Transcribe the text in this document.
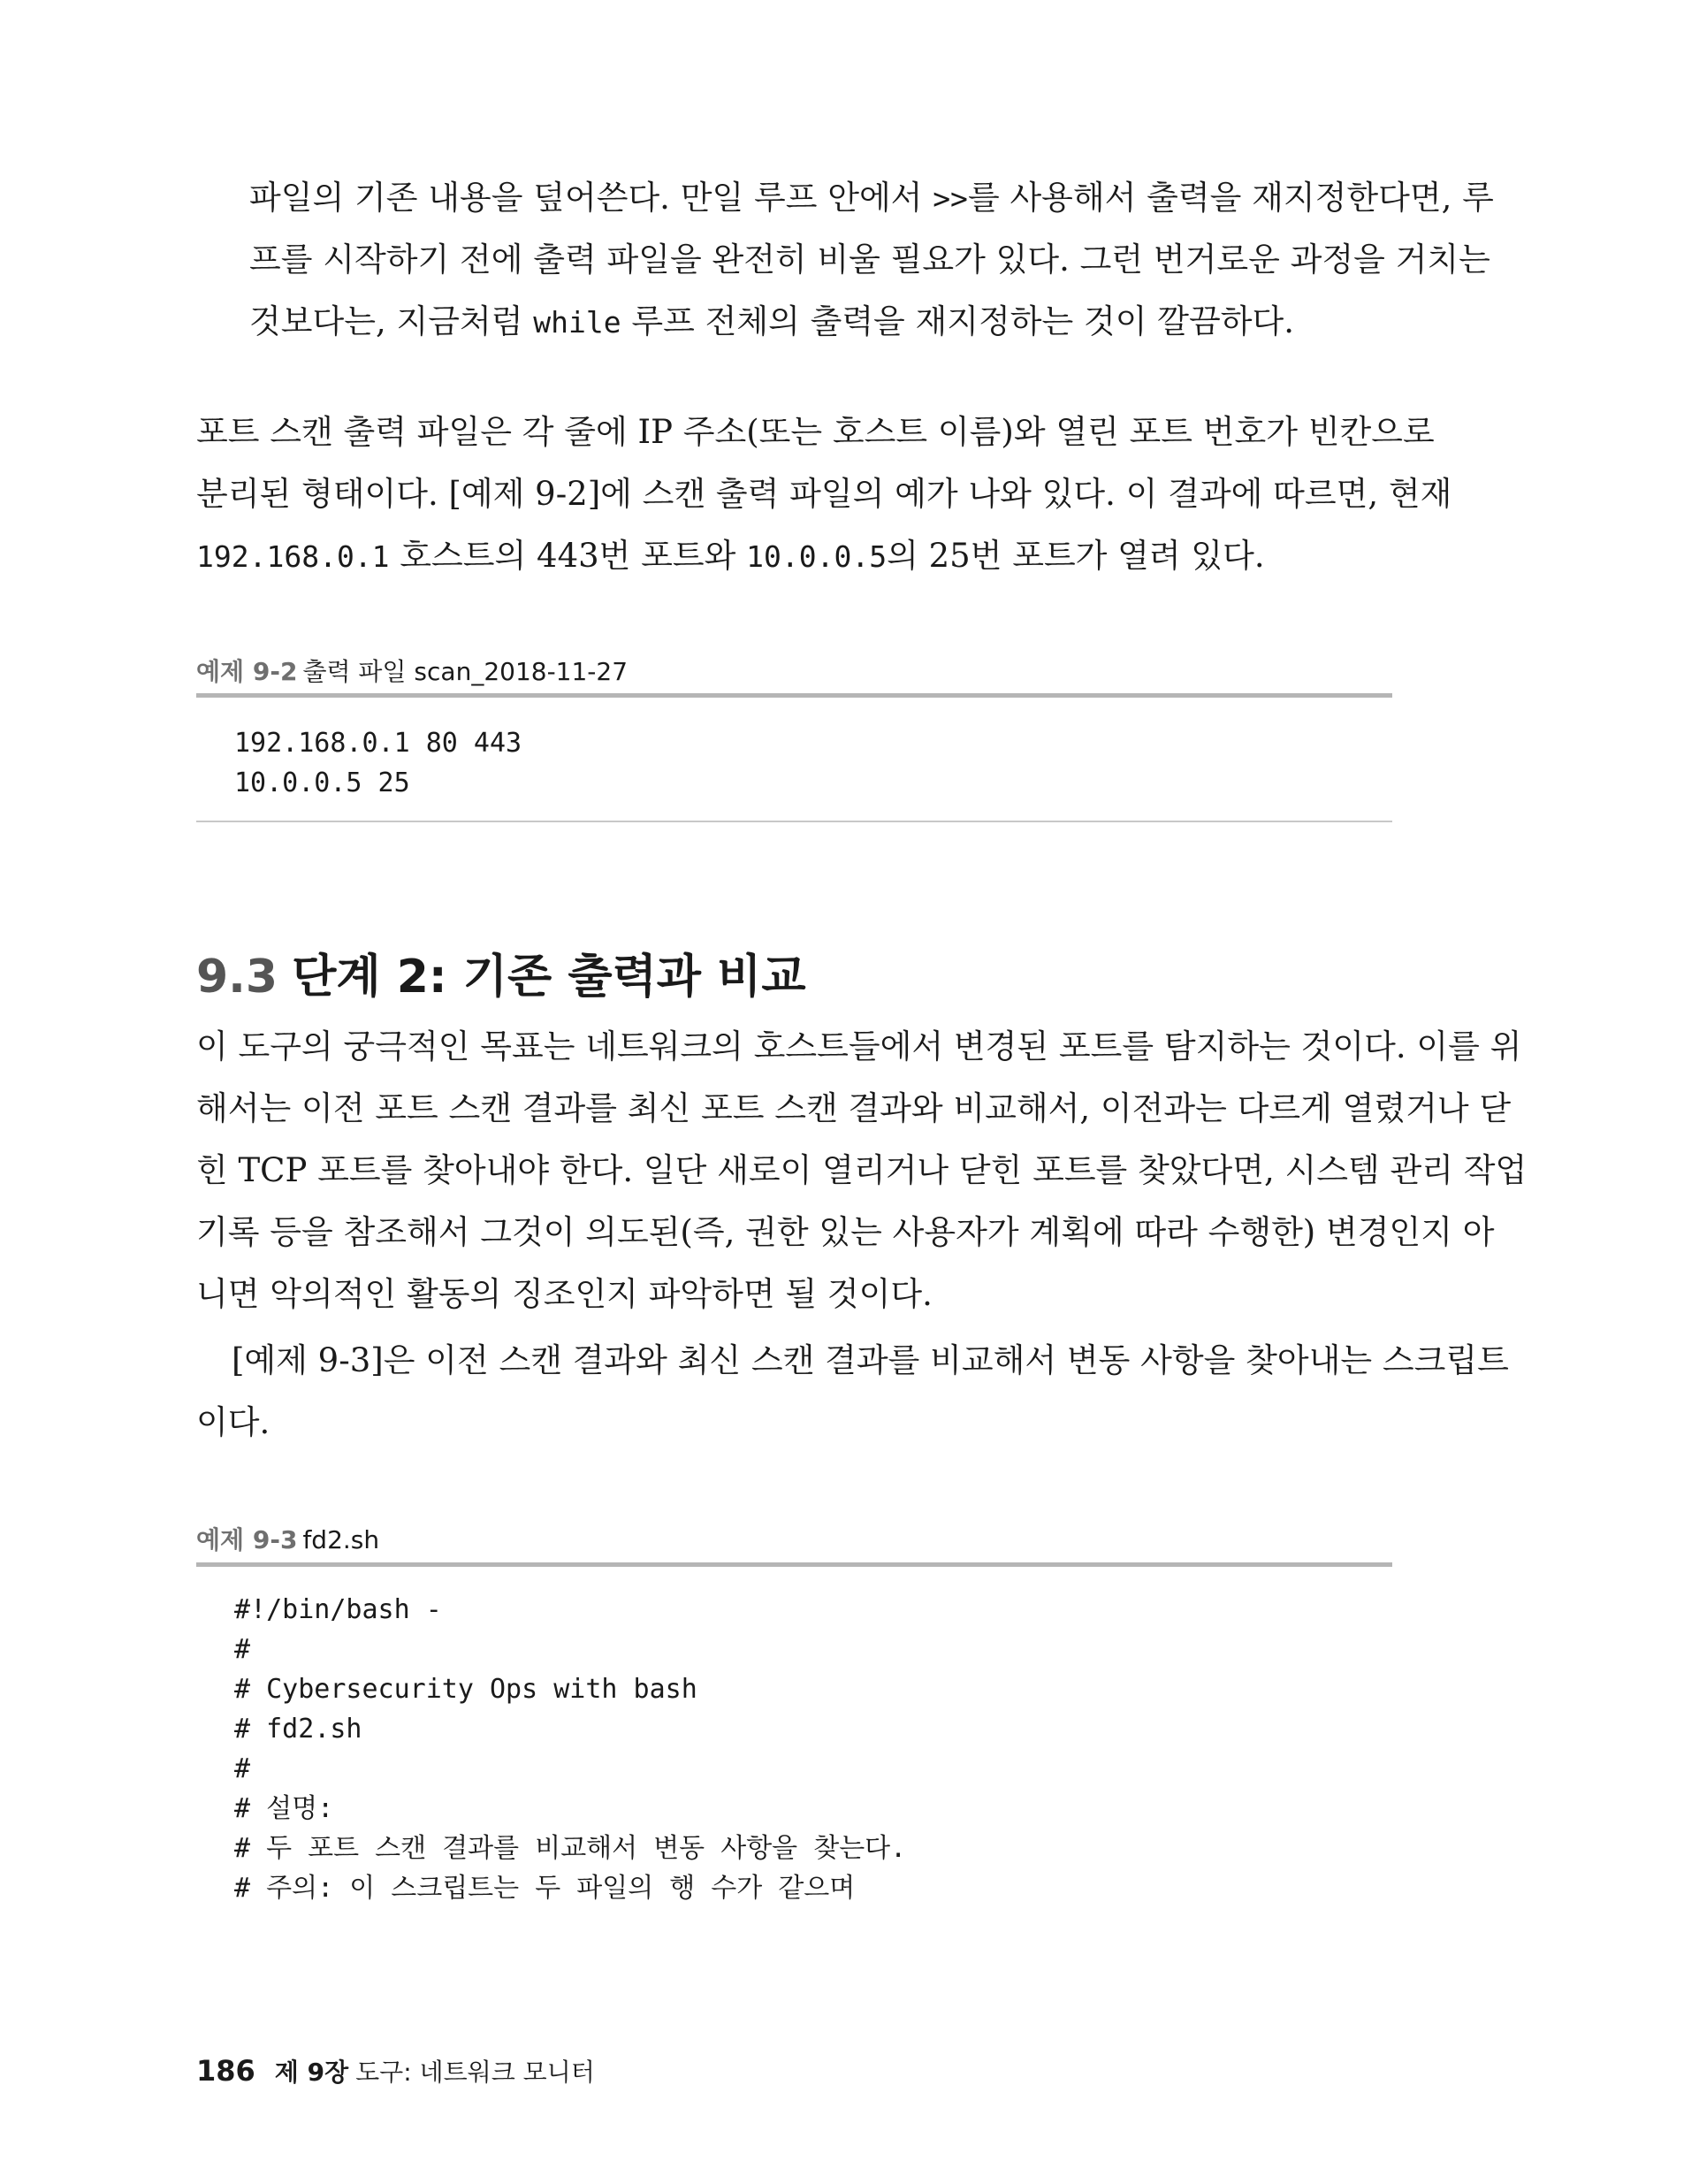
파일의 기존 내용을 덮어쓴다. 만일 루프 안에서 >>를 사용해서 출력을 재지정한다면, 루
프를 시작하기 전에 출력 파일을 완전히 비울 필요가 있다. 그런 번거로운 과정을 거치는
것보다는, 지금처럼 while 루프 전체의 출력을 재지정하는 것이 깔끔하다.
포트 스캔 출력 파일은 각 줄에 IP 주소(또는 호스트 이름)와 열린 포트 번호가 빈칸으로
분리된 형태이다. [예제 9-2]에 스캔 출력 파일의 예가 나와 있다. 이 결과에 따르면, 현재
192.168.0.1 호스트의 443번 포트와 10.0.0.5의 25번 포트가 열려 있다.
예제 9-2 출력 파일 scan_2018-11-27
192.168.0.1 80 443
10.0.0.5 25
9.3 단계 2: 기존 출력과 비교
이 도구의 궁극적인 목표는 네트워크의 호스트들에서 변경된 포트를 탐지하는 것이다. 이를 위
해서는 이전 포트 스캔 결과를 최신 포트 스캔 결과와 비교해서, 이전과는 다르게 열렸거나 닫
힌 TCP 포트를 찾아내야 한다. 일단 새로이 열리거나 닫힌 포트를 찾았다면, 시스템 관리 작업
기록 등을 참조해서 그것이 의도된(즉, 권한 있는 사용자가 계획에 따라 수행한) 변경인지 아
니면 악의적인 활동의 징조인지 파악하면 될 것이다.
[예제 9-3]은 이전 스캔 결과와 최신 스캔 결과를 비교해서 변동 사항을 찾아내는 스크립트
이다.
예제 9-3 fd2.sh
#!/bin/bash -
#
# Cybersecurity Ops with bash
# fd2.sh
#
# 설명:
# 두 포트 스캔 결과를 비교해서 변동 사항을 찾는다.
# 주의: 이 스크립트는 두 파일의 행 수가 같으며
186 제 9장 도구: 네트워크 모니터
